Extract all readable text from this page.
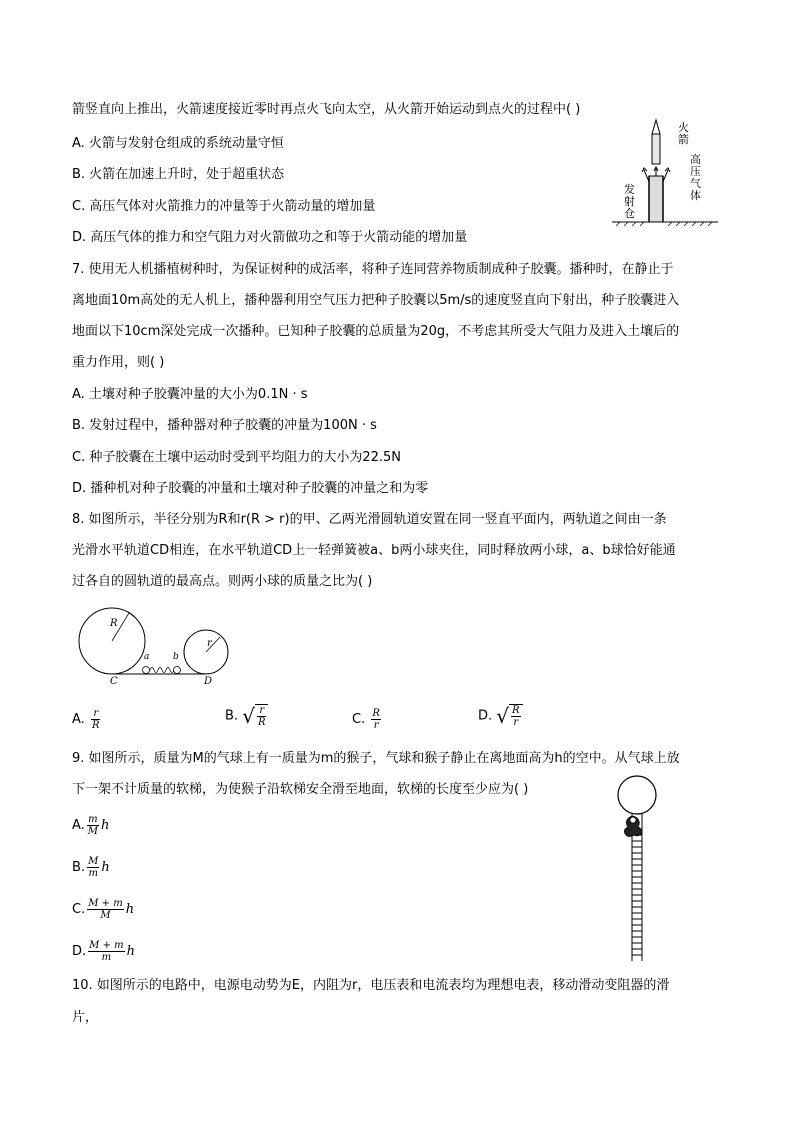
箭竖直向上推出，火箭速度接近零时再点火飞向太空，从火箭开始运动到点火的过程中( )
A. 火箭与发射仓组成的系统动量守恒
B. 火箭在加速上升时，处于超重状态
C. 高压气体对火箭推力的冲量等于火箭动量的增加量
D. 高压气体的推力和空气阻力对火箭做功之和等于火箭动能的增加量
火箭
高压气体
发射仓
7. 使用无人机播植树种时，为保证树种的成活率，将种子连同营养物质制成种子胶囊。播种时，在静止于
离地面10m高处的无人机上，播种器利用空气压力把种子胶囊以5m/s的速度竖直向下射出，种子胶囊进入
地面以下10cm深处完成一次播种。已知种子胶囊的总质量为20g，不考虑其所受大气阻力及进入土壤后的
重力作用，则( )
A. 土壤对种子胶囊冲量的大小为0.1N · s
B. 发射过程中，播种器对种子胶囊的冲量为100N · s
C. 种子胶囊在土壤中运动时受到平均阻力的大小为22.5N
D. 播种机对种子胶囊的冲量和土壤对种子胶囊的冲量之和为零
8. 如图所示，半径分别为R和r(R > r)的甲、乙两光滑圆轨道安置在同一竖直平面内，两轨道之间由一条
光滑水平轨道CD相连，在水平轨道CD上一轻弹簧被a、b两小球夹住，同时释放两小球，a、b球恰好能通
过各自的圆轨道的最高点。则两小球的质量之比为( )
R
r
a	b
C	D
A. $\frac{r}{R}$	B. √ $\frac{r}{R}$	C. $\frac{R}{r}$	D. √ $\frac{R}{r}$
9. 如图所示，质量为M的气球上有一质量为m的猴子，气球和猴子静止在离地面高为h的空中。从气球上放
下一架不计质量的软梯，为使猴子沿软梯安全滑至地面，软梯的长度至少应为( )
A. $\frac{m}{M}$ h
B. $\frac{M}{m}$ h
C. $\frac{M + m}{M}$ h
D. $\frac{M + m}{m}$ h
10. 如图所示的电路中，电源电动势为E，内阻为r，电压表和电流表均为理想电表，移动滑动变阻器的滑
片，
